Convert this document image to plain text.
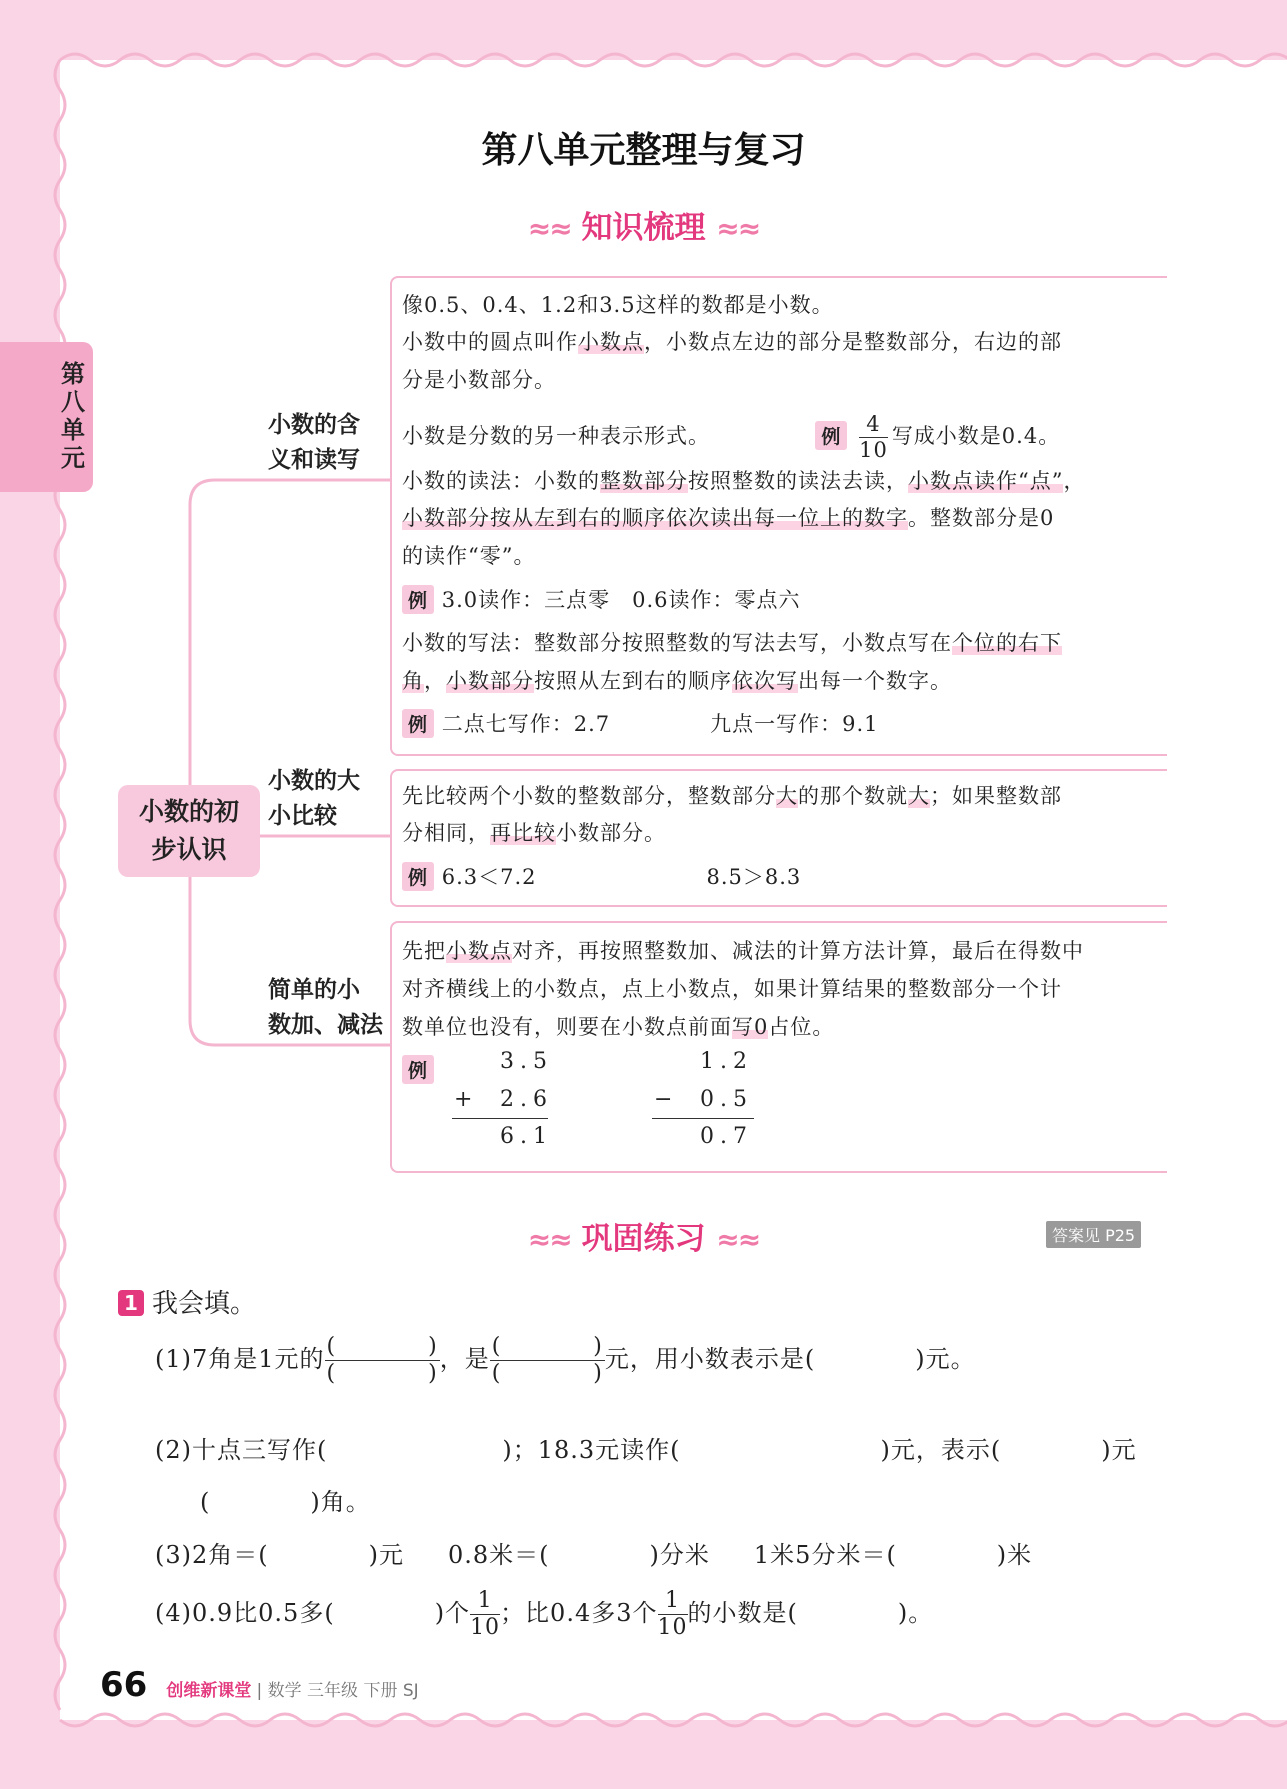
第八单元
第八单元整理与复习
≈≈ 知识梳理 ≈≈
小数的初
步认识
小数的含
义和读写
小数的大
小比较
简单的小
数加、减法
像0.5、0.4、1.2和3.5这样的数都是小数。
小数中的圆点叫作小数点，小数点左边的部分是整数部分，右边的部
分是小数部分。
小数是分数的另一种表示形式。	例 $\frac{4}{10}$ 写成小数是0.4。
小数的读法：小数的整数部分按照整数的读法去读，小数点读作“点”，
小数部分按从左到右的顺序依次读出每一位上的数字。整数部分是0
的读作“零”。
例 3.0读作：三点零　0.6读作：零点六
小数的写法：整数部分按照整数的写法去写，小数点写在个位的右下
角，小数部分按照从左到右的顺序依次写出每一个数字。
例 二点七写作：2.7	九点一写作：9.1
先比较两个小数的整数部分，整数部分大的那个数就大；如果整数部
分相同，再比较小数部分。
例 6.3＜7.2	8.5＞8.3
先把小数点对齐，再按照整数加、减法的计算方法计算，最后在得数中
对齐横线上的小数点，点上小数点，如果计算结果的整数部分一个计
数单位也没有，则要在小数点前面写0占位。
例	3.5
+ 2.6
6.1
1.2
− 0.5
0.7
≈≈ 巩固练习 ≈≈	答案见 P25
1 我会填。
(1)7角是1元的 $\frac{( )}{( )}$ ，是 $\frac{( )}{( )}$ 元，用小数表示是(　　　　)元。
(2)十点三写作(　　　　　　　)；18.3元读作(　　　　　　　　)元，表示(　　　　)元
(　　　　)角。
(3)2角＝(　　　　)元 0.8米＝(　　　　)分米 1米5分米＝(　　　　)米
(4)0.9比0.5多(　　　　)个 $\frac{1}{10}$ ；比0.4多3个 $\frac{1}{10}$ 的小数是(　　　　)。
66 创维新课堂 | 数学 三年级 下册 SJ
